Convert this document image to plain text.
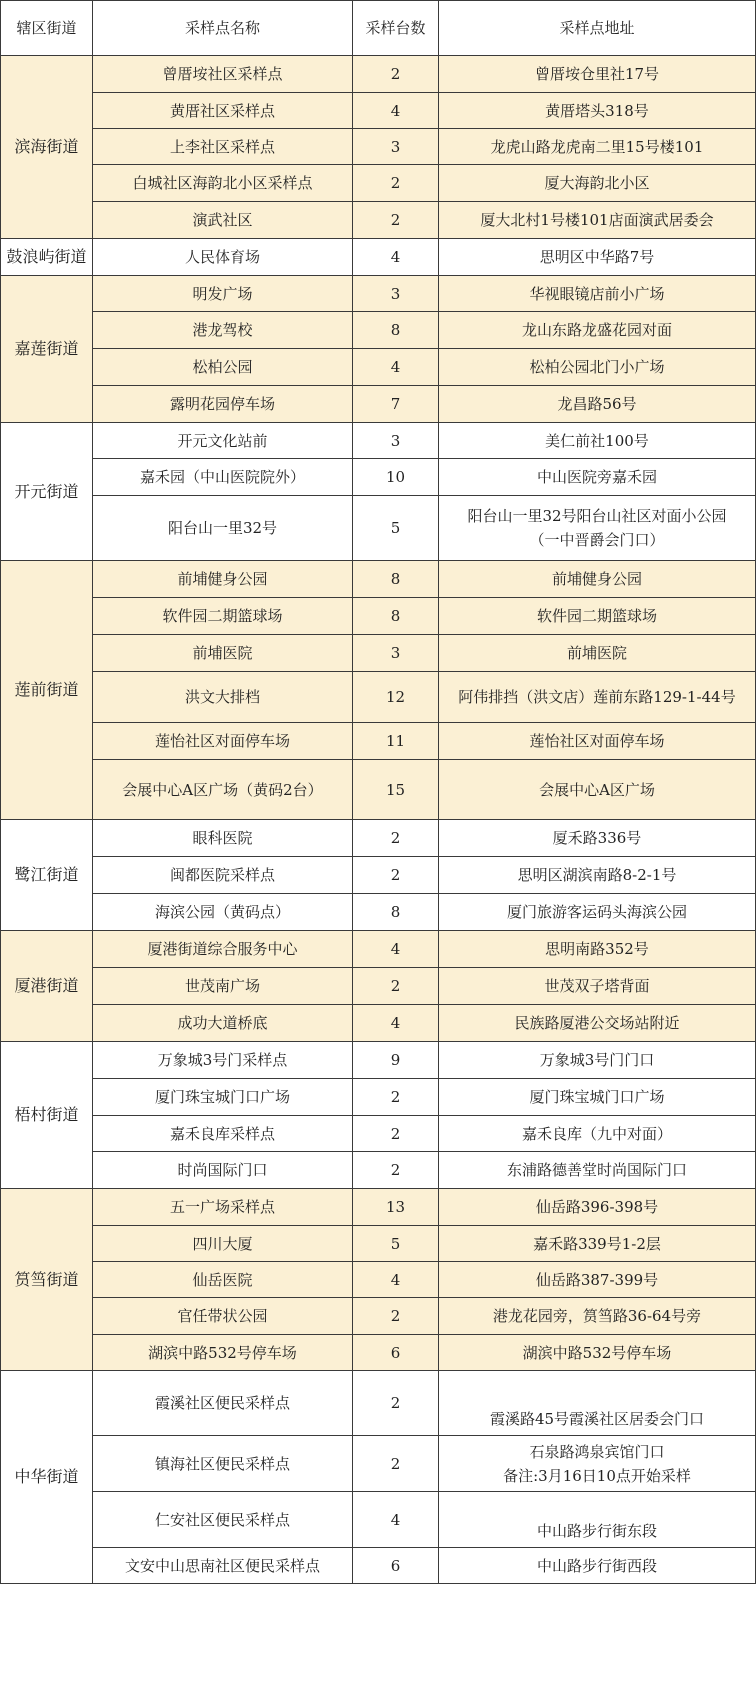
辖区街道	采样点名称	采样台数	采样点地址
滨海街道	曾厝垵社区采样点	2	曾厝垵仓里社17号

	黄厝社区采样点	4	黄厝塔头318号

	上李社区采样点	3	龙虎山路龙虎南二里15号楼101

	白城社区海韵北小区采样点	2	厦大海韵北小区

	演武社区	2	厦大北村1号楼101店面演武居委会

鼓浪屿街道	人民体育场	4	思明区中华路7号

嘉莲街道	明发广场	3	华视眼镜店前小广场

	港龙驾校	8	龙山东路龙盛花园对面

	松柏公园	4	松柏公园北门小广场

	露明花园停车场	7	龙昌路56号

开元街道	开元文化站前	3	美仁前社100号

	嘉禾园（中山医院院外）	10	中山医院旁嘉禾园

	阳台山一里32号	5	阳台山一里32号阳台山社区对面小公园
（一中晋爵会门口）

莲前街道	前埔健身公园	8	前埔健身公园

	软件园二期篮球场	8	软件园二期篮球场

	前埔医院	3	前埔医院

	洪文大排档	12	阿伟排挡（洪文店）莲前东路129-1-44号

	莲怡社区对面停车场	11	莲怡社区对面停车场

	会展中心A区广场（黄码2台）	15	会展中心A区广场

鹭江街道	眼科医院	2	厦禾路336号

	闽都医院采样点	2	思明区湖滨南路8-2-1号

	海滨公园（黄码点）	8	厦门旅游客运码头海滨公园

厦港街道	厦港街道综合服务中心	4	思明南路352号

	世茂南广场	2	世茂双子塔背面

	成功大道桥底	4	民族路厦港公交场站附近

梧村街道	万象城3号门采样点	9	万象城3号门门口

	厦门珠宝城门口广场	2	厦门珠宝城门口广场

	嘉禾良库采样点	2	嘉禾良库（九中对面）

	时尚国际门口	2	东浦路德善堂时尚国际门口

筼筜街道	五一广场采样点	13	仙岳路396-398号

	四川大厦	5	嘉禾路339号1-2层

	仙岳医院	4	仙岳路387-399号

	官任带状公园	2	港龙花园旁，筼筜路36-64号旁

	湖滨中路532号停车场	6	湖滨中路532号停车场

中华街道	霞溪社区便民采样点	2	霞溪路45号霞溪社区居委会门口

	镇海社区便民采样点	2	石泉路鸿泉宾馆门口
备注:3月16日10点开始采样

	仁安社区便民采样点	4	中山路步行街东段

	文安中山思南社区便民采样点	6	中山路步行街西段
